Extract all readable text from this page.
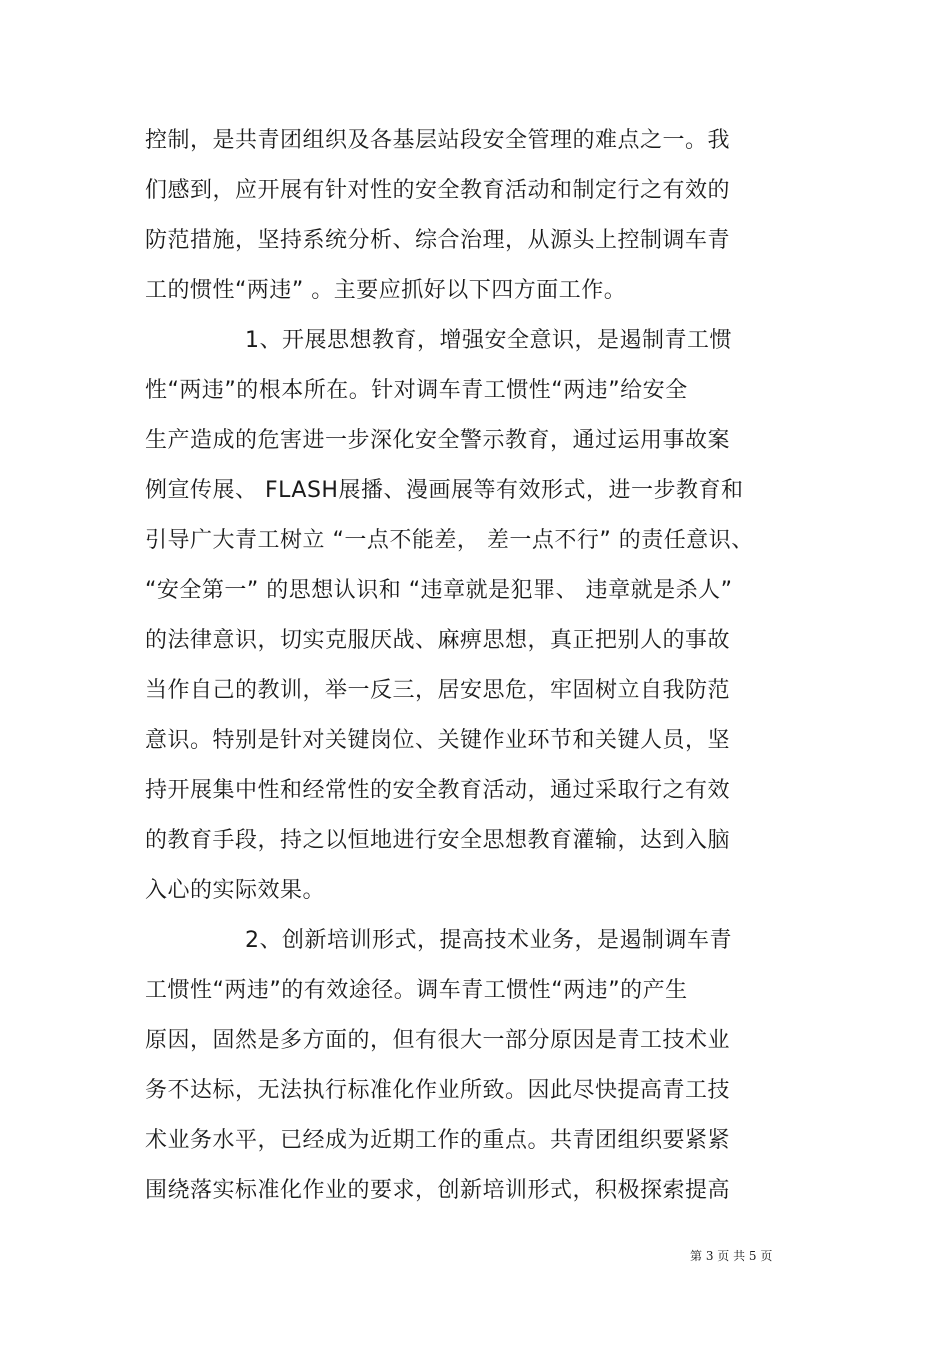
控制，是共青团组织及各基层站段安全管理的难点之一。我
们感到，应开展有针对性的安全教育活动和制定行之有效的
防范措施，坚持系统分析、综合治理，从源头上控制调车青
工的惯性“两违” 。主要应抓好以下四方面工作。
1、开展思想教育，增强安全意识，是遏制青工惯
性“两违”的根本所在。针对调车青工惯性“两违”给安全
生产造成的危害进一步深化安全警示教育，通过运用事故案
例宣传展、 FLASH展播、漫画展等有效形式，进一步教育和
引导广大青工树立 “一点不能差， 差一点不行” 的责任意识、
“安全第一” 的思想认识和 “违章就是犯罪、 违章就是杀人”
的法律意识，切实克服厌战、麻痹思想，真正把别人的事故
当作自己的教训，举一反三，居安思危，牢固树立自我防范
意识。特别是针对关键岗位、关键作业环节和关键人员，坚
持开展集中性和经常性的安全教育活动，通过采取行之有效
的教育手段，持之以恒地进行安全思想教育灌输，达到入脑
入心的实际效果。
2、创新培训形式，提高技术业务，是遏制调车青
工惯性“两违”的有效途径。调车青工惯性“两违”的产生
原因，固然是多方面的，但有很大一部分原因是青工技术业
务不达标，无法执行标准化作业所致。因此尽快提高青工技
术业务水平，已经成为近期工作的重点。共青团组织要紧紧
围绕落实标准化作业的要求，创新培训形式，积极探索提高
第 3 页 共 5 页
